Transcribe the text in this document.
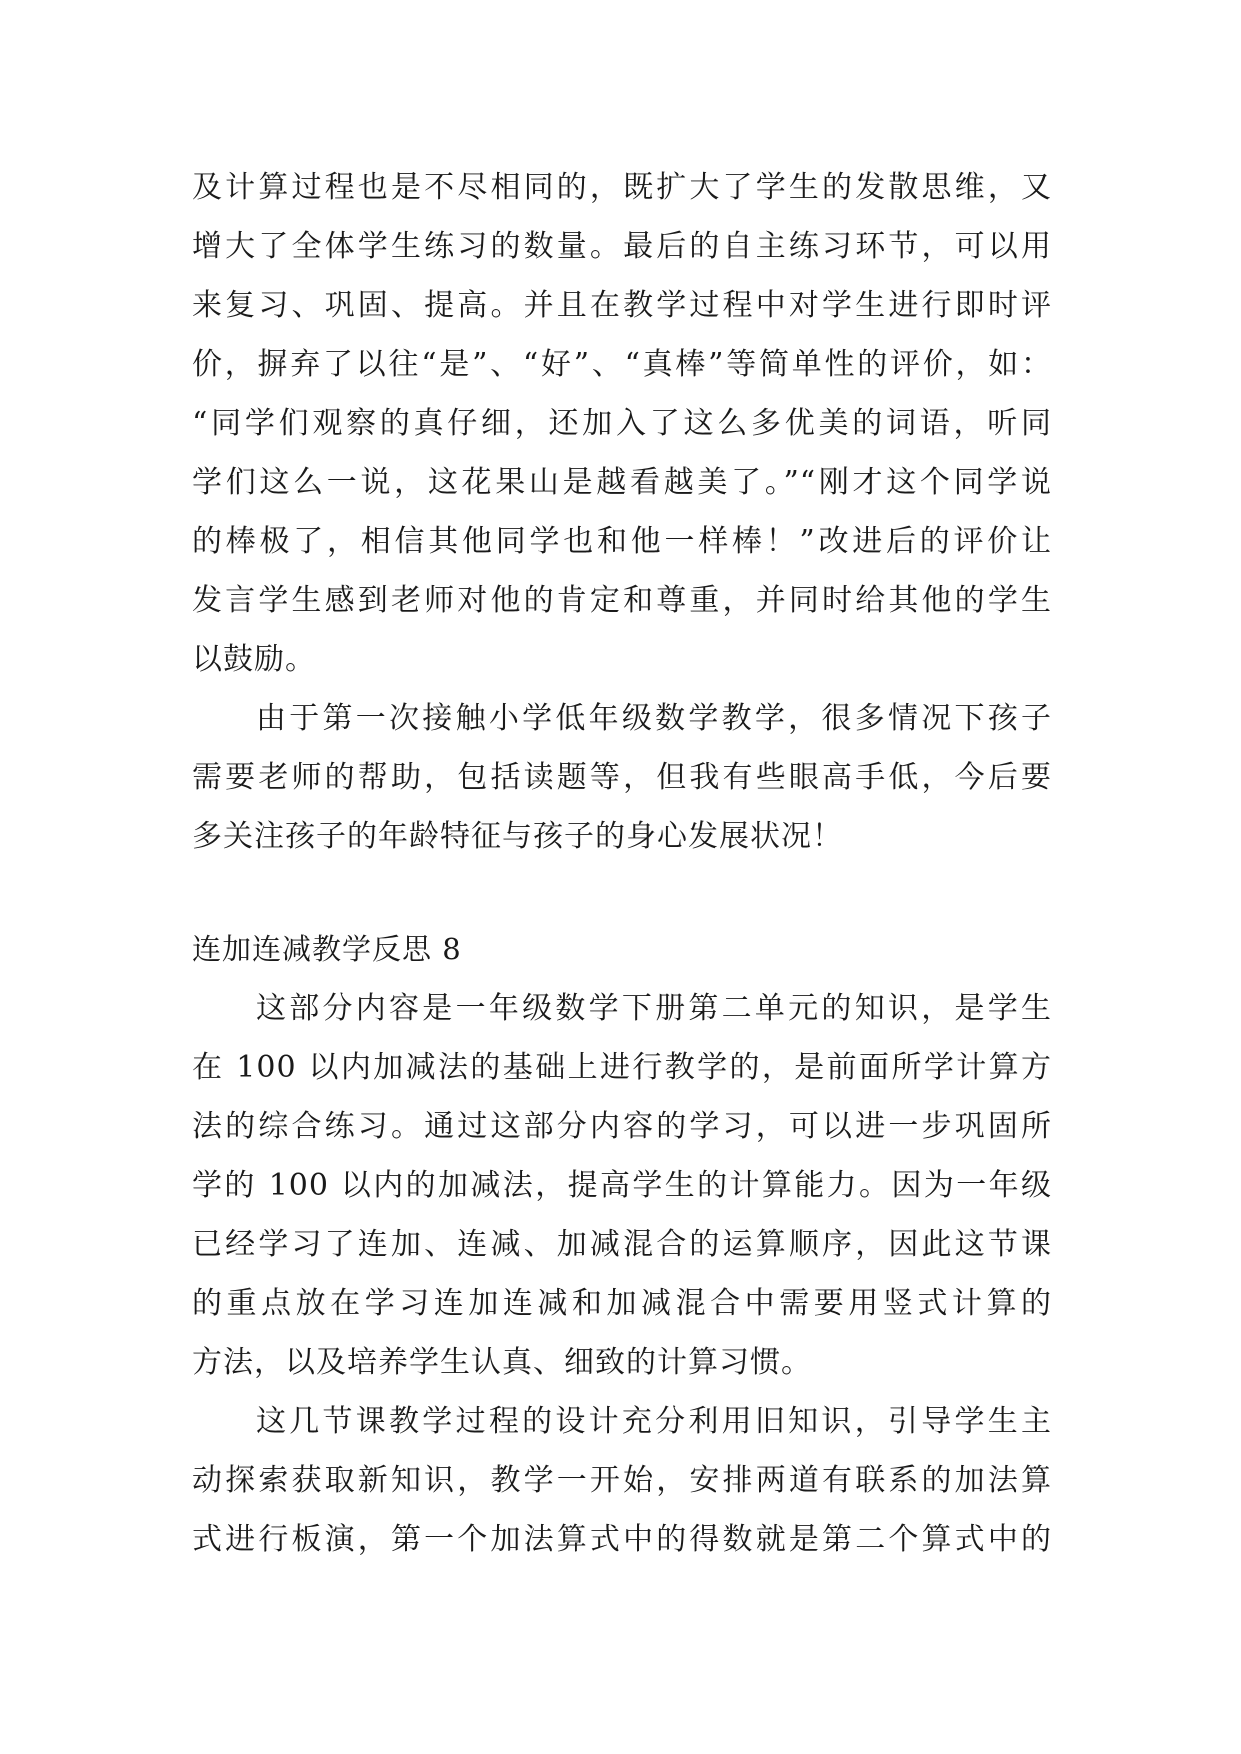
及计算过程也是不尽相同的，既扩大了学生的发散思维，又
增大了全体学生练习的数量。最后的自主练习环节，可以用
来复习、巩固、提高。并且在教学过程中对学生进行即时评
价，摒弃了以往“是”、“好”、“真棒”等简单性的评价，如：
“同学们观察的真仔细，还加入了这么多优美的词语，听同
学们这么一说，这花果山是越看越美了。”“刚才这个同学说
的棒极了，相信其他同学也和他一样棒！”改进后的评价让
发言学生感到老师对他的肯定和尊重，并同时给其他的学生
以鼓励。
由于第一次接触小学低年级数学教学，很多情况下孩子
需要老师的帮助，包括读题等，但我有些眼高手低，今后要
多关注孩子的年龄特征与孩子的身心发展状况！
连加连减教学反思 8
这部分内容是一年级数学下册第二单元的知识，是学生
在 100 以内加减法的基础上进行教学的，是前面所学计算方
法的综合练习。通过这部分内容的学习，可以进一步巩固所
学的 100 以内的加减法，提高学生的计算能力。因为一年级
已经学习了连加、连减、加减混合的运算顺序，因此这节课
的重点放在学习连加连减和加减混合中需要用竖式计算的
方法，以及培养学生认真、细致的计算习惯。
这几节课教学过程的设计充分利用旧知识，引导学生主
动探索获取新知识，教学一开始，安排两道有联系的加法算
式进行板演，第一个加法算式中的得数就是第二个算式中的
